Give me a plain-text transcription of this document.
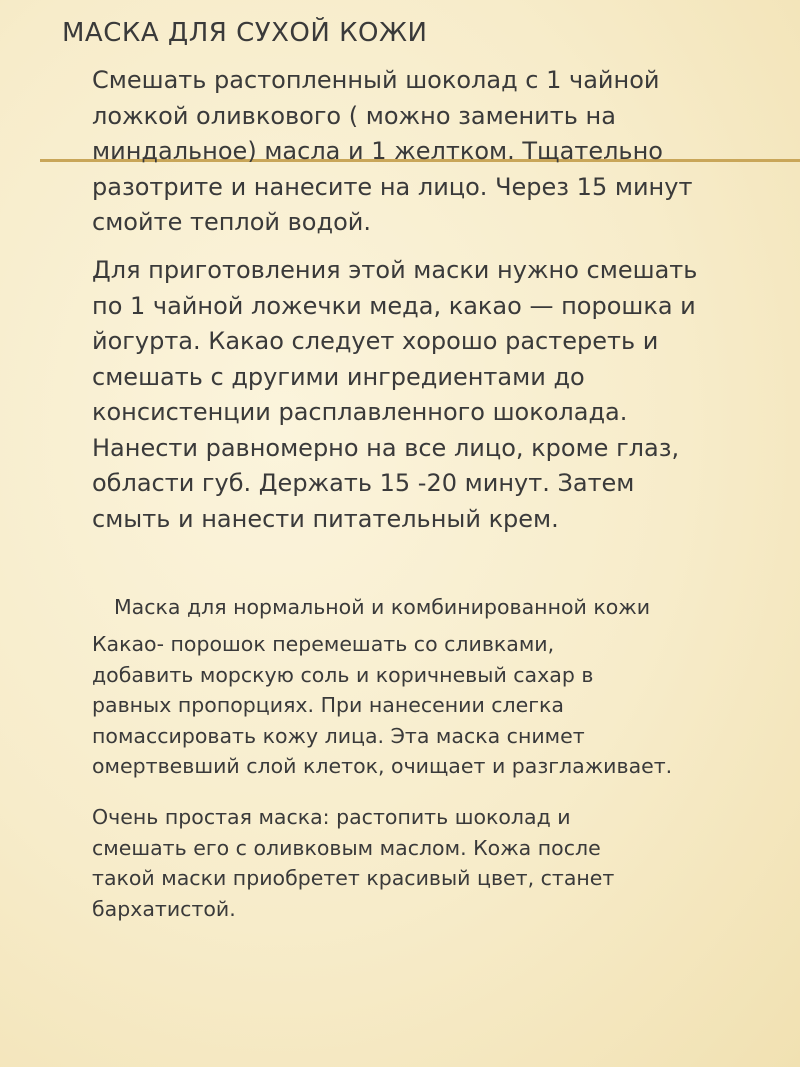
МАСКА ДЛЯ СУХОЙ КОЖИ
Смешать растопленный шоколад с 1 чайной
ложкой оливкового ( можно заменить на
миндальное) масла и 1 желтком. Тщательно
разотрите и нанесите на лицо. Через 15 минут
смойте теплой водой.
Для приготовления этой маски нужно смешать
по 1 чайной ложечки меда, какао — порошка и
йогурта. Какао следует хорошо растереть и
смешать с другими ингредиентами до
консистенции расплавленного шоколада.
Нанести равномерно на все лицо, кроме глаз,
области губ. Держать 15 -20 минут. Затем
смыть и нанести питательный крем.
Маска для нормальной и комбинированной кожи
Какао- порошок перемешать со сливками,
добавить морскую соль и коричневый сахар в
равных пропорциях. При нанесении слегка
помассировать кожу лица. Эта маска снимет
омертвевший слой клеток, очищает и разглаживает.
Очень простая маска: растопить шоколад и
смешать его с оливковым маслом. Кожа после
такой маски приобретет красивый цвет, станет
бархатистой.
